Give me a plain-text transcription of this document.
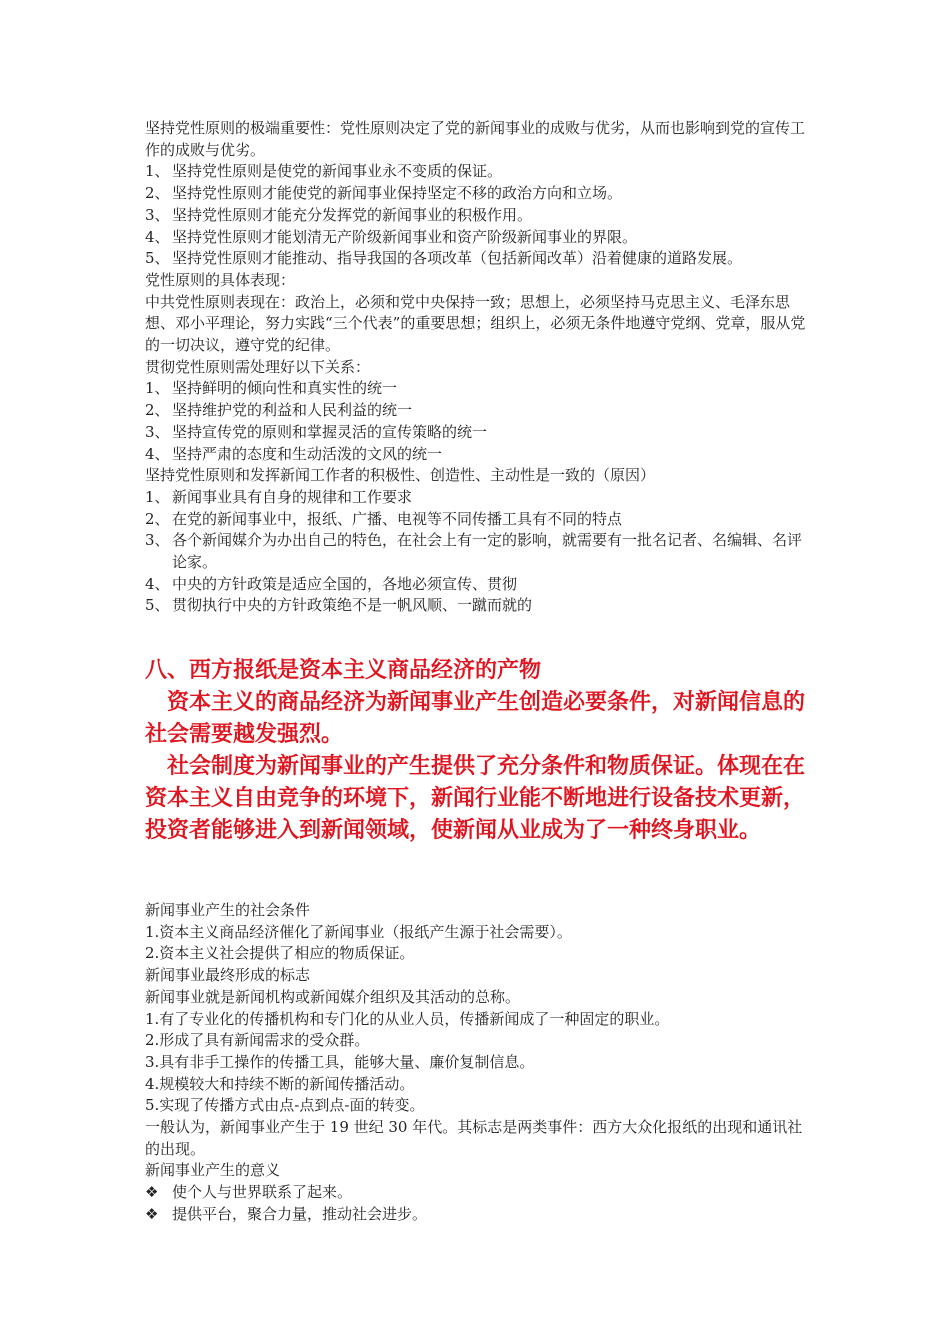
坚持党性原则的极端重要性：党性原则决定了党的新闻事业的成败与优劣，从而也影响到党的宣传工作的成败与优劣。

1、 坚持党性原则是使党的新闻事业永不变质的保证。

2、 坚持党性原则才能使党的新闻事业保持坚定不移的政治方向和立场。

3、 坚持党性原则才能充分发挥党的新闻事业的积极作用。

4、 坚持党性原则才能划清无产阶级新闻事业和资产阶级新闻事业的界限。

5、 坚持党性原则才能推动、指导我国的各项改革（包括新闻改革）沿着健康的道路发展。

党性原则的具体表现：

中共党性原则表现在：政治上，必须和党中央保持一致；思想上，必须坚持马克思主义、毛泽东思想、邓小平理论，努力实践“三个代表”的重要思想；组织上，必须无条件地遵守党纲、党章，服从党的一切决议，遵守党的纪律。

贯彻党性原则需处理好以下关系：

1、 坚持鲜明的倾向性和真实性的统一

2、 坚持维护党的利益和人民利益的统一

3、 坚持宣传党的原则和掌握灵活的宣传策略的统一

4、 坚持严肃的态度和生动活泼的文风的统一

坚持党性原则和发挥新闻工作者的积极性、创造性、主动性是一致的（原因）

1、 新闻事业具有自身的规律和工作要求

2、 在党的新闻事业中，报纸、广播、电视等不同传播工具有不同的特点

3、 各个新闻媒介为办出自己的特色，在社会上有一定的影响，就需要有一批名记者、名编辑、名评论家。

4、 中央的方针政策是适应全国的，各地必须宣传、贯彻

5、 贯彻执行中央的方针政策绝不是一帆风顺、一蹴而就的

八、西方报纸是资本主义商品经济的产物

资本主义的商品经济为新闻事业产生创造必要条件，对新闻信息的社会需要越发强烈。

社会制度为新闻事业的产生提供了充分条件和物质保证。体现在在资本主义自由竞争的环境下，新闻行业能不断地进行设备技术更新，投资者能够进入到新闻领域，使新闻从业成为了一种终身职业。

新闻事业产生的社会条件

1.资本主义商品经济催化了新闻事业（报纸产生源于社会需要）。

2.资本主义社会提供了相应的物质保证。

新闻事业最终形成的标志

新闻事业就是新闻机构或新闻媒介组织及其活动的总称。

1.有了专业化的传播机构和专门化的从业人员，传播新闻成了一种固定的职业。

2.形成了具有新闻需求的受众群。

3.具有非手工操作的传播工具，能够大量、廉价复制信息。

4.规模较大和持续不断的新闻传播活动。

5.实现了传播方式由点-点到点-面的转变。

一般认为，新闻事业产生于 19 世纪 30 年代。其标志是两类事件：西方大众化报纸的出现和通讯社的出现。

新闻事业产生的意义

❖ 使个人与世界联系了起来。

❖ 提供平台，聚合力量，推动社会进步。
